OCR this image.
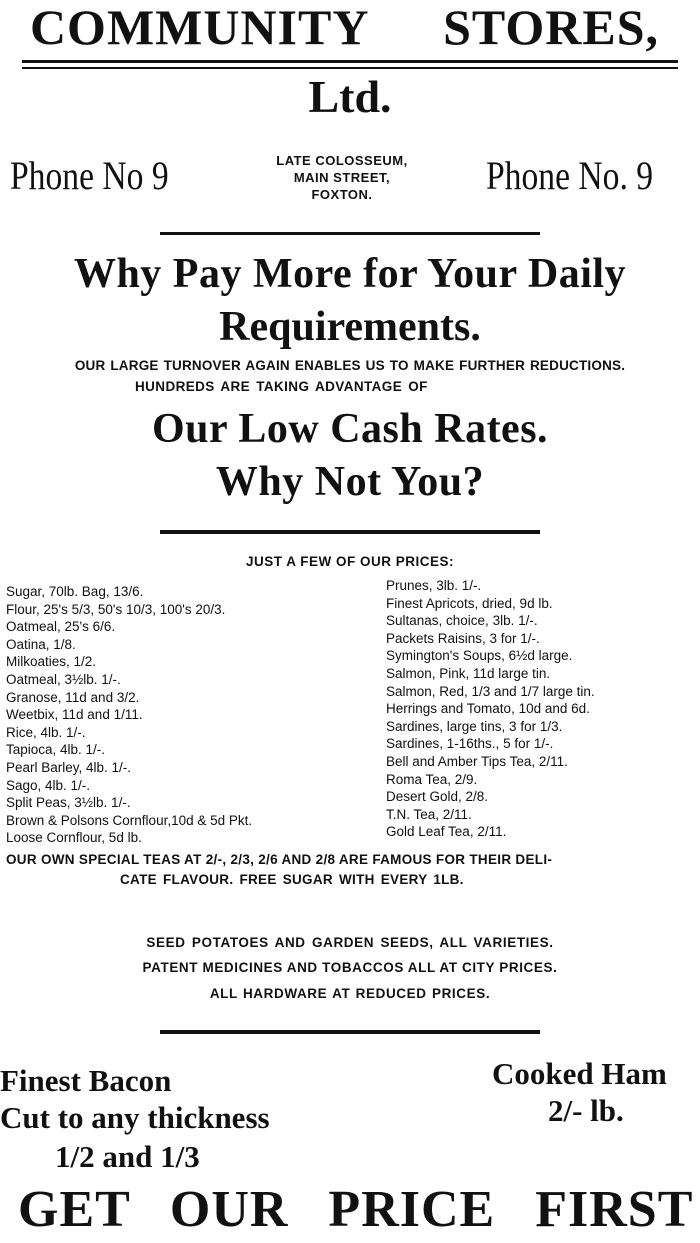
COMMUNITY STORES,
Ltd.
Phone No 9	LATE COLOSSEUM,
MAIN STREET,
FOXTON.	Phone No. 9
Why Pay More for Your Daily
Requirements.
OUR LARGE TURNOVER AGAIN ENABLES US TO MAKE FURTHER REDUCTIONS.
HUNDREDS ARE TAKING ADVANTAGE OF
Our Low Cash Rates.
Why Not You?
JUST A FEW OF OUR PRICES:
Sugar, 70lb. Bag, 13/6.
Flour, 25's 5/3, 50's 10/3, 100's 20/3.
Oatmeal, 25's 6/6.
Oatina, 1/8.
Milkoaties, 1/2.
Oatmeal, 3½lb. 1/-.
Granose, 11d and 3/2.
Weetbix, 11d and 1/11.
Rice, 4lb. 1/-.
Tapioca, 4lb. 1/-.
Pearl Barley, 4lb. 1/-.
Sago, 4lb. 1/-.
Split Peas, 3½lb. 1/-.
Brown & Polsons Cornflour,10d & 5d Pkt.
Loose Cornflour, 5d lb.
Prunes, 3lb. 1/-.
Finest Apricots, dried, 9d lb.
Sultanas, choice, 3lb. 1/-.
Packets Raisins, 3 for 1/-.
Symington's Soups, 6½d large.
Salmon, Pink, 11d large tin.
Salmon, Red, 1/3 and 1/7 large tin.
Herrings and Tomato, 10d and 6d.
Sardines, large tins, 3 for 1/3.
Sardines, 1-16ths., 5 for 1/-.
Bell and Amber Tips Tea, 2/11.
Roma Tea, 2/9.
Desert Gold, 2/8.
T.N. Tea, 2/11.
Gold Leaf Tea, 2/11.
OUR OWN SPECIAL TEAS AT 2/-, 2/3, 2/6 AND 2/8 ARE FAMOUS FOR THEIR DELI-
CATE FLAVOUR. FREE SUGAR WITH EVERY 1LB.
SEED POTATOES AND GARDEN SEEDS, ALL VARIETIES.
PATENT MEDICINES AND TOBACCOS ALL AT CITY PRICES.
ALL HARDWARE AT REDUCED PRICES.
Finest Bacon
Cut to any thickness
1/2 and 1/3
Cooked Ham
2/- lb.
GET OUR PRICE FIRST
